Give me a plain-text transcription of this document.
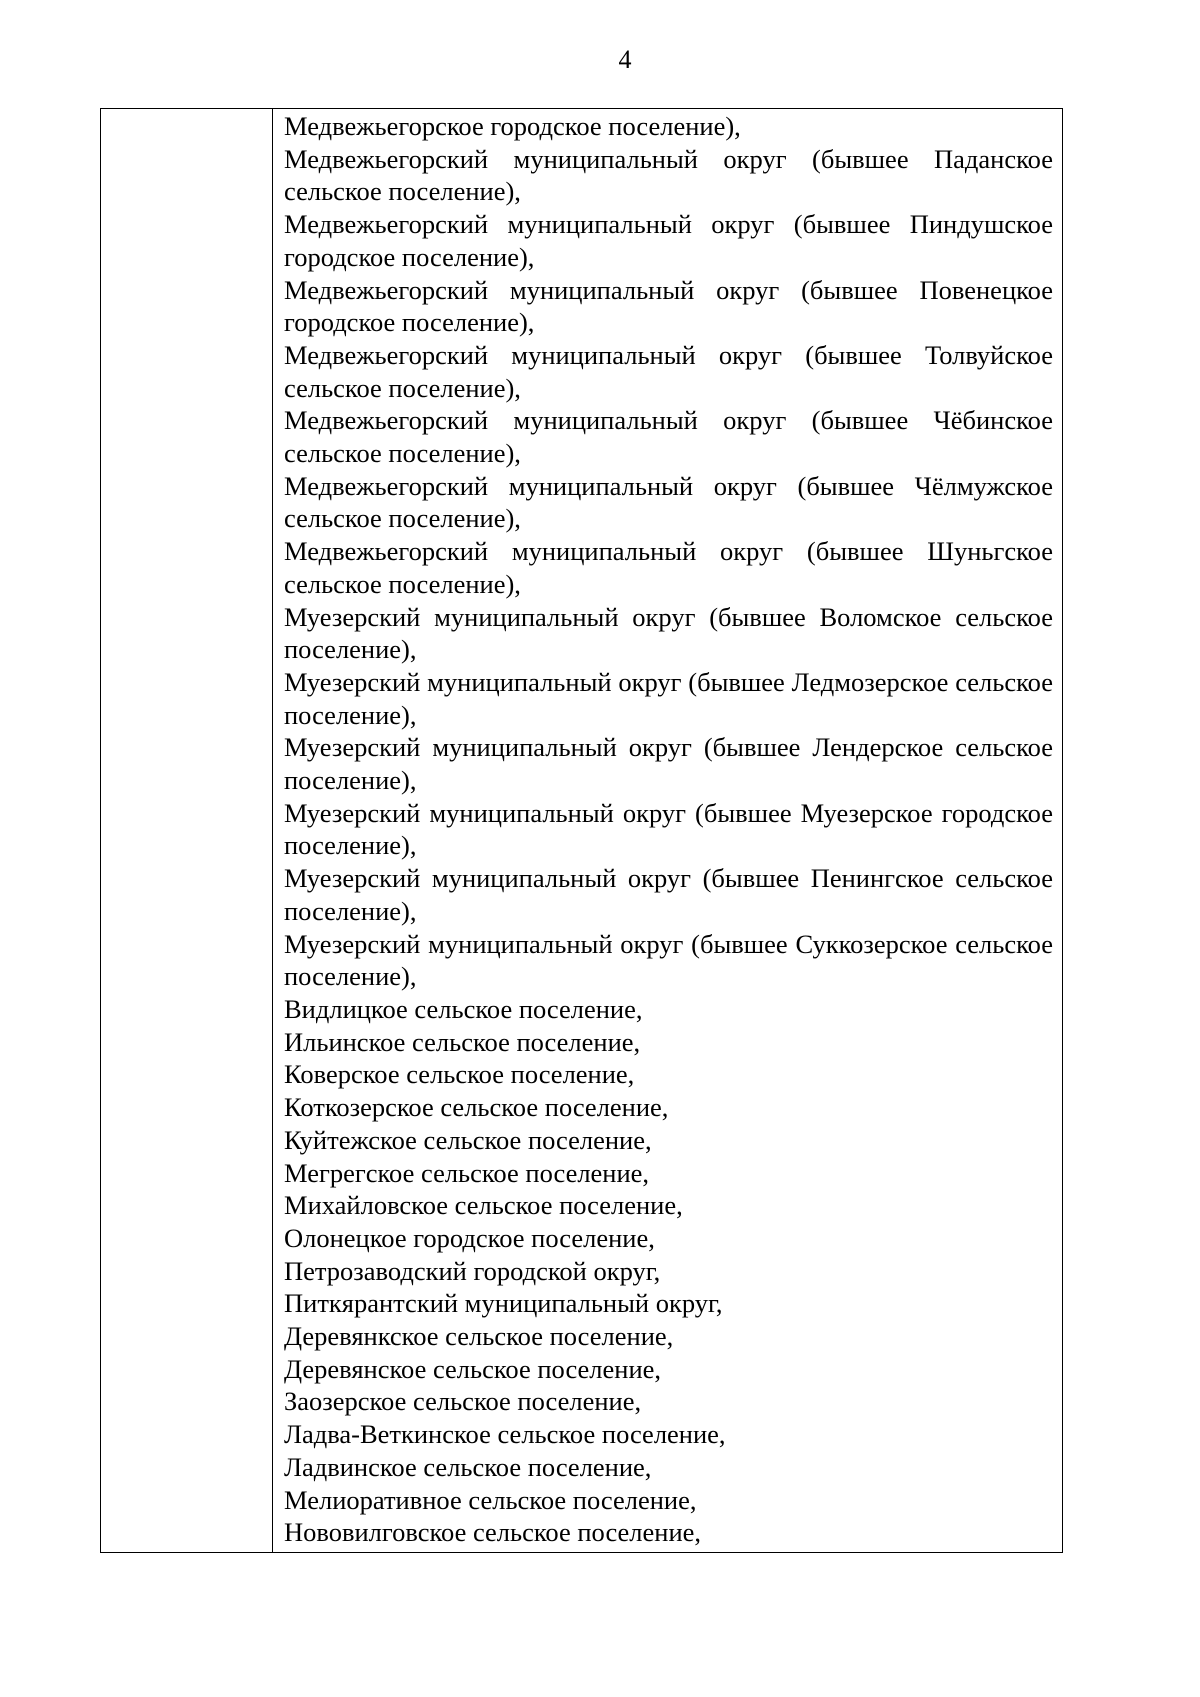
4

Медвежьегорское городское поселение),

Медвежьегорский муниципальный округ (бывшее Паданское сельское поселение),

Медвежьегорский муниципальный округ (бывшее Пиндушское городское поселение),

Медвежьегорский муниципальный округ (бывшее Повенецкое городское поселение),

Медвежьегорский муниципальный округ (бывшее Толвуйское сельское поселение),

Медвежьегорский муниципальный округ (бывшее Чёбинское сельское поселение),

Медвежьегорский муниципальный округ (бывшее Чёлмужское сельское поселение),

Медвежьегорский муниципальный округ (бывшее Шуньгское сельское поселение),

Муезерский муниципальный округ (бывшее Воломское сельское поселение),

Муезерский муниципальный округ (бывшее Ледмозерское сельское поселение),

Муезерский муниципальный округ (бывшее Лендерское сельское поселение),

Муезерский муниципальный округ (бывшее Муезерское городское поселение),

Муезерский муниципальный округ (бывшее Пенингское сельское поселение),

Муезерский муниципальный округ (бывшее Суккозерское сельское поселение),

Видлицкое сельское поселение,

Ильинское сельское поселение,

Коверское сельское поселение,

Коткозерское сельское поселение,

Куйтежское сельское поселение,

Мегрегское сельское поселение,

Михайловское сельское поселение,

Олонецкое городское поселение,

Петрозаводский городской округ,

Питкярантский муниципальный округ,

Деревянкское сельское поселение,

Деревянское сельское поселение,

Заозерское сельское поселение,

Ладва-Веткинское сельское поселение,

Ладвинское сельское поселение,

Мелиоративное сельское поселение,

Нововилговское сельское поселение,
